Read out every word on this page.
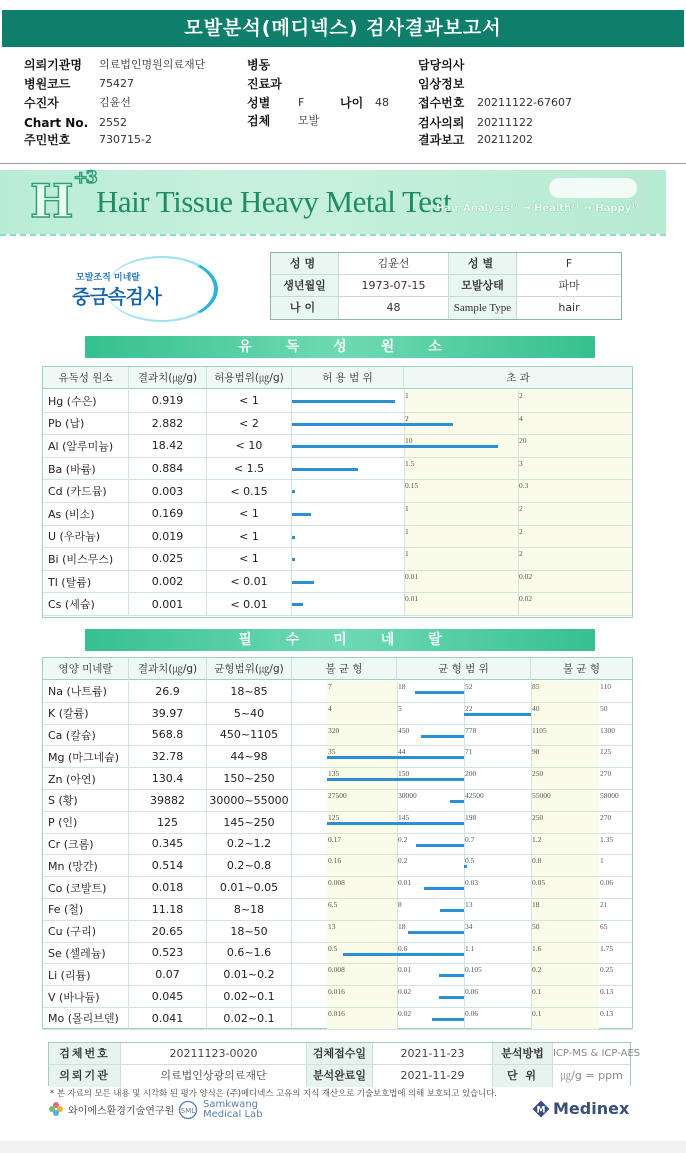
모발분석(메디넥스) 검사결과보고서
의뢰기관명 의료법인명원의료재단	병동	담당의사
병원코드	75427	진료과	임상정보
수진자	김윤선	성별	F	나이 48 접수번호 20211122-67607
Chart No. 2552	검체	모발	검사의뢰 20211122
주민번호	730715-2	결과보고 20211202
H $^{+3}$
Hair Tissue Heavy Metal Test
Hair Analysis¹¹ → Health¹¹ → Happy¹¹
모발조직 미네랄
중금속검사
성명	김윤선	성별	F
생년월일	1973-07-15	모발상태	파마
나이	48	Sample Type	hair
유독성원소
유독성 원소	결과치(㎍/g)	허용범위(㎍/g)	허 용 범 위	초 과
Hg (수은)	0.919	< 1	1	2
Pb (납)	2.882	< 2	2	4
Al (알루미늄)	18.42	< 10	10	20
Ba (바륨)	0.884	< 1.5	1.5	3
Cd (카드뮴)	0.003	< 0.15	0.15	0.3
As (비소)	0.169	< 1	1	2
U (우라늄)	0.019	< 1	1	2
Bi (비스무스)	0.025	< 1	1	2
Tl (탈륨)	0.002	< 0.01	0.01	0.02
Cs (세슘)	0.001	< 0.01	0.01	0.02
필수미네랄
영양 미네랄	결과치(㎍/g)	균형범위(㎍/g)	불 균 형	균 형 범 위	불 균 형
Na (나트륨)	26.9	18~85	7	18	52	85	110
K (칼륨)	39.97	5~40	4	5	22	40	50
Ca (칼슘)	568.8	450~1105	320	450	778	1105	1300
Mg (마그네슘)	32.78	44~98	35	44	71	98	125
Zn (아연)	130.4	150~250	135	150	200	250	270
S (황)	39882	30000~55000	27500	30000	42500	55000	58000
P (인)	125	145~250	125	145	198	250	270
Cr (크롬)	0.345	0.2~1.2	0.17	0.2	0.7	1.2	1.35
Mn (망간)	0.514	0.2~0.8	0.16	0.2	0.5	0.8	1
Co (코발트)	0.018	0.01~0.05	0.008	0.01	0.03	0.05	0.06
Fe (철)	11.18	8~18	6.5	8	13	18	21
Cu (구리)	20.65	18~50	13	18	34	50	65
Se (셀레늄)	0.523	0.6~1.6	0.5	0.6	1.1	1.6	1.75
Li (리튬)	0.07	0.01~0.2	0.008	0.01	0.105	0.2	0.25
V (바나듐)	0.045	0.02~0.1	0.016	0.02	0.06	0.1	0.13
Mo (몰리브덴)	0.041	0.02~0.1	0.016	0.02	0.06	0.1	0.13
검체번호	20211123-0020	검체접수일	2021-11-23	분석방법 ICP-MS & ICP-AES
의뢰기관	의료법인상광의료재단	분석완료일	2021-11-29	단 위	㎍/g = ppm
* 본 자료의 모든 내용 및 시각화 된 평가 양식은 (주)메디넥스 고유의 지식 재산으로 기술보호법에 의해 보호되고 있습니다.
와이에스환경기술연구원 SML
Samkwang
Medical Lab	M Medinex
